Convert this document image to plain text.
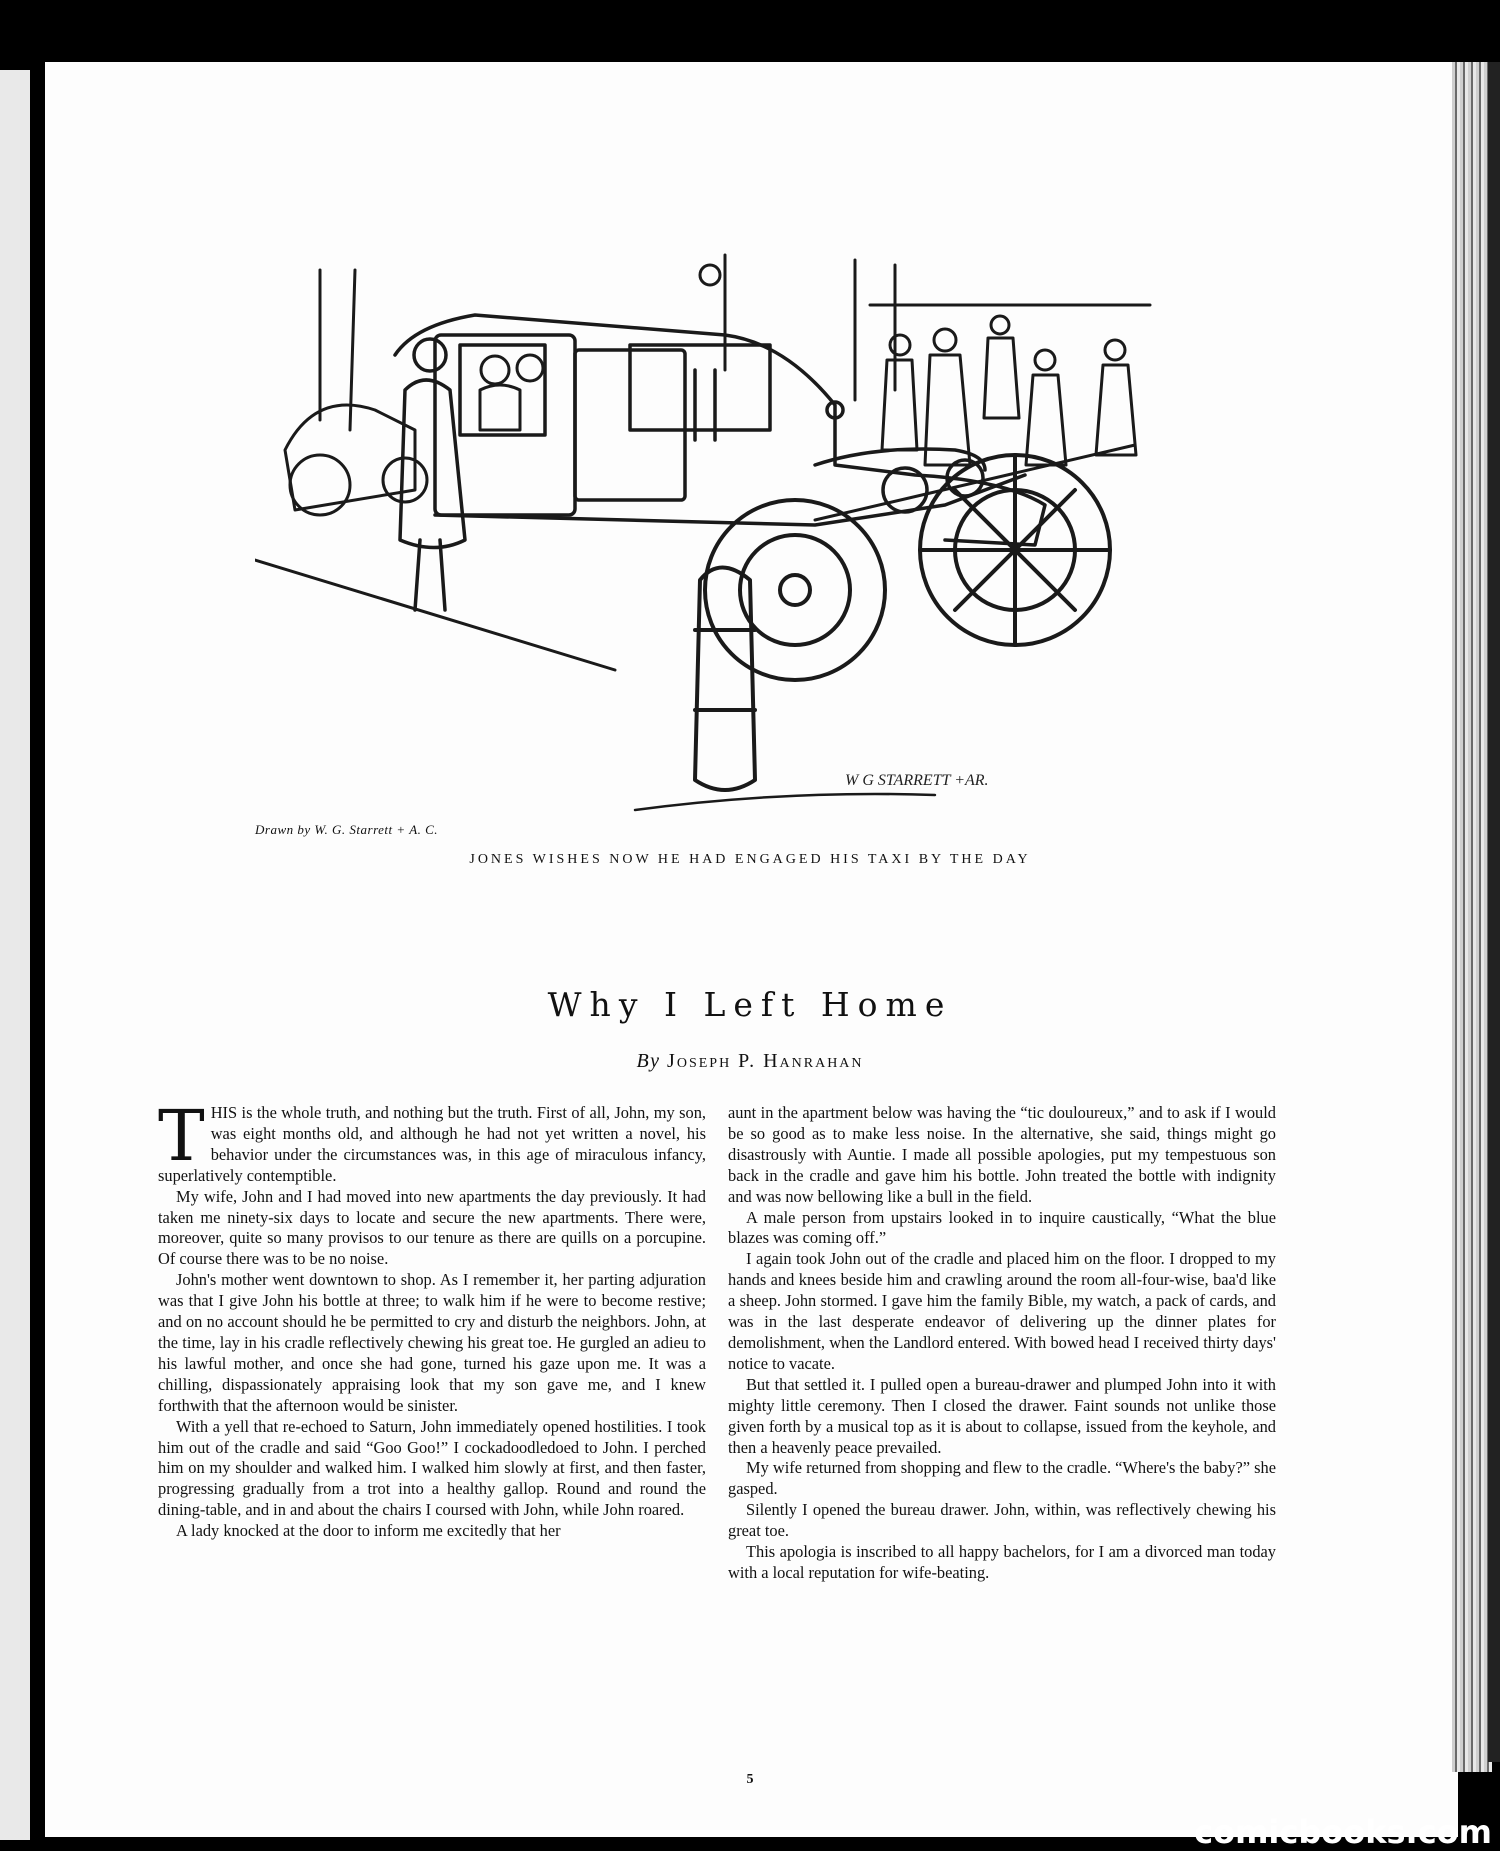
W G STARRETT +AR.
Drawn by W. G. Starrett + A. C.
JONES WISHES NOW HE HAD ENGAGED HIS TAXI BY THE DAY
Why I Left Home
By Joseph P. Hanrahan

THIS is the whole truth, and nothing but the truth. First of all, John, my son, was eight months old, and although he had not yet written a novel, his behavior under the circumstances was, in this age of miraculous infancy, superlatively contemptible.

My wife, John and I had moved into new apartments the day previously. It had taken me ninety-six days to locate and secure the new apartments. There were, moreover, quite so many provisos to our tenure as there are quills on a porcupine. Of course there was to be no noise.

John's mother went downtown to shop. As I remember it, her parting adjuration was that I give John his bottle at three; to walk him if he were to become restive; and on no account should he be permitted to cry and disturb the neighbors. John, at the time, lay in his cradle reflectively chewing his great toe. He gurgled an adieu to his lawful mother, and once she had gone, turned his gaze upon me. It was a chilling, dispassionately appraising look that my son gave me, and I knew forthwith that the afternoon would be sinister.

With a yell that re-echoed to Saturn, John immediately opened hostilities. I took him out of the cradle and said “Goo Goo!” I cockadoodledoed to John. I perched him on my shoulder and walked him. I walked him slowly at first, and then faster, progressing gradually from a trot into a healthy gallop. Round and round the dining-table, and in and about the chairs I coursed with John, while John roared.

A lady knocked at the door to inform me excitedly that her

aunt in the apartment below was having the “tic douloureux,” and to ask if I would be so good as to make less noise. In the alternative, she said, things might go disastrously with Auntie. I made all possible apologies, put my tempestuous son back in the cradle and gave him his bottle. John treated the bottle with indignity and was now bellowing like a bull in the field.

A male person from upstairs looked in to inquire caustically, “What the blue blazes was coming off.”

I again took John out of the cradle and placed him on the floor. I dropped to my hands and knees beside him and crawling around the room all-four-wise, baa'd like a sheep. John stormed. I gave him the family Bible, my watch, a pack of cards, and was in the last desperate endeavor of delivering up the dinner plates for demolishment, when the Landlord entered. With bowed head I received thirty days' notice to vacate.

But that settled it. I pulled open a bureau-drawer and plumped John into it with mighty little ceremony. Then I closed the drawer. Faint sounds not unlike those given forth by a musical top as it is about to collapse, issued from the keyhole, and then a heavenly peace prevailed.

My wife returned from shopping and flew to the cradle. “Where's the baby?” she gasped.

Silently I opened the bureau drawer. John, within, was reflectively chewing his great toe.

This apologia is inscribed to all happy bachelors, for I am a divorced man today with a local reputation for wife-beating.

5
comicbooks.com
